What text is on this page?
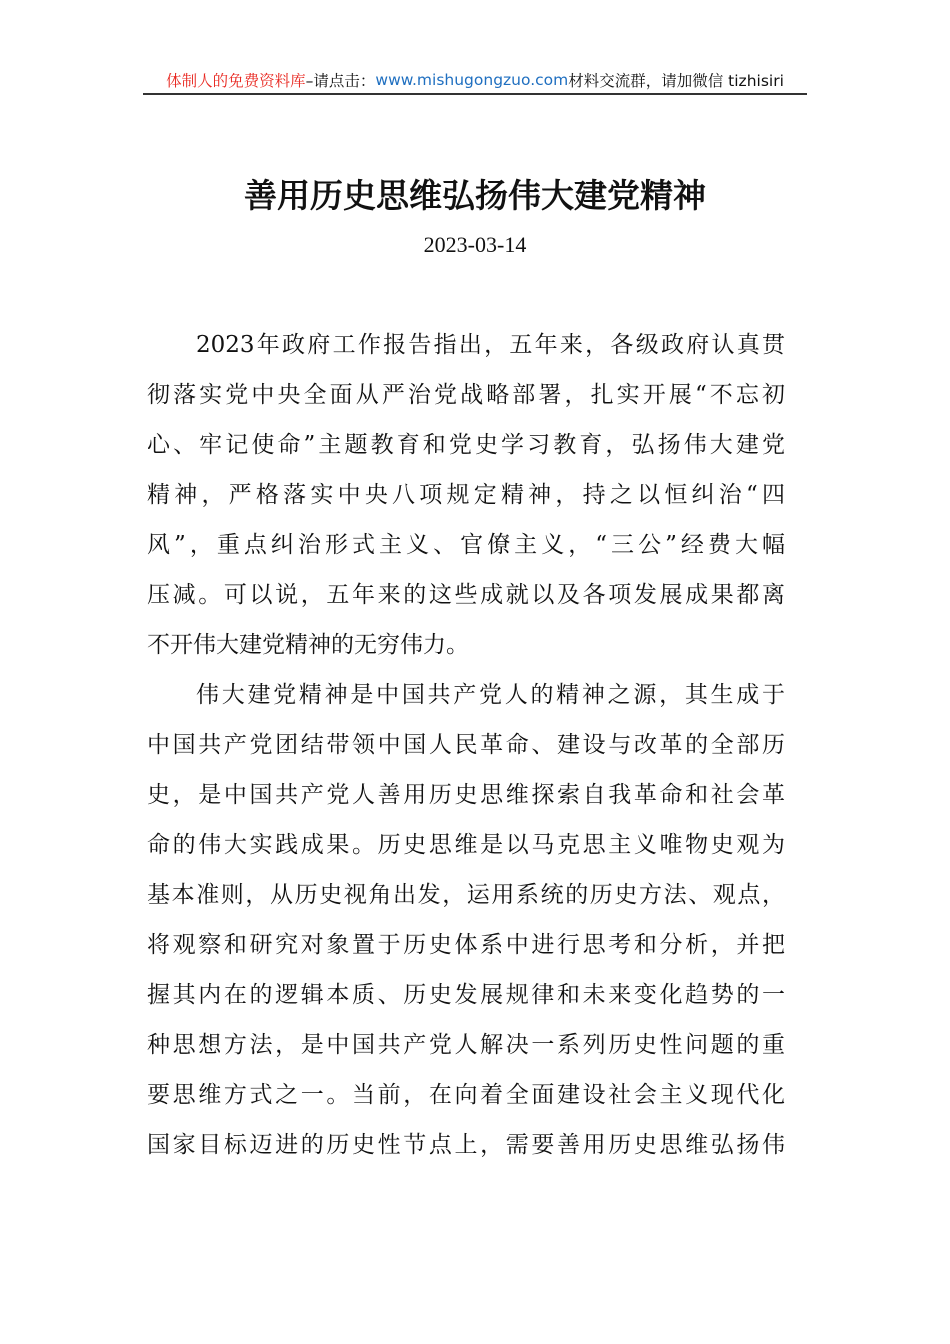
体制人的免费资料库 –请点击： www.mishugongzuo.com 材料交流群，请加微信 tizhisiri
善用历史思维弘扬伟大建党精神
2023-03-14
2023年政府工作报告指出，五年来，各级政府认真贯
彻落实党中央全面从严治党战略部署，扎实开展“不忘初
心、牢记使命”主题教育和党史学习教育，弘扬伟大建党
精神，严格落实中央八项规定精神，持之以恒纠治“四
风”，重点纠治形式主义、官僚主义，“三公”经费大幅
压减。可以说，五年来的这些成就以及各项发展成果都离
不开伟大建党精神的无穷伟力。
伟大建党精神是中国共产党人的精神之源，其生成于
中国共产党团结带领中国人民革命、建设与改革的全部历
史，是中国共产党人善用历史思维探索自我革命和社会革
命的伟大实践成果。历史思维是以马克思主义唯物史观为
基本准则，从历史视角出发，运用系统的历史方法、观点，
将观察和研究对象置于历史体系中进行思考和分析，并把
握其内在的逻辑本质、历史发展规律和未来变化趋势的一
种思想方法，是中国共产党人解决一系列历史性问题的重
要思维方式之一。当前，在向着全面建设社会主义现代化
国家目标迈进的历史性节点上，需要善用历史思维弘扬伟
